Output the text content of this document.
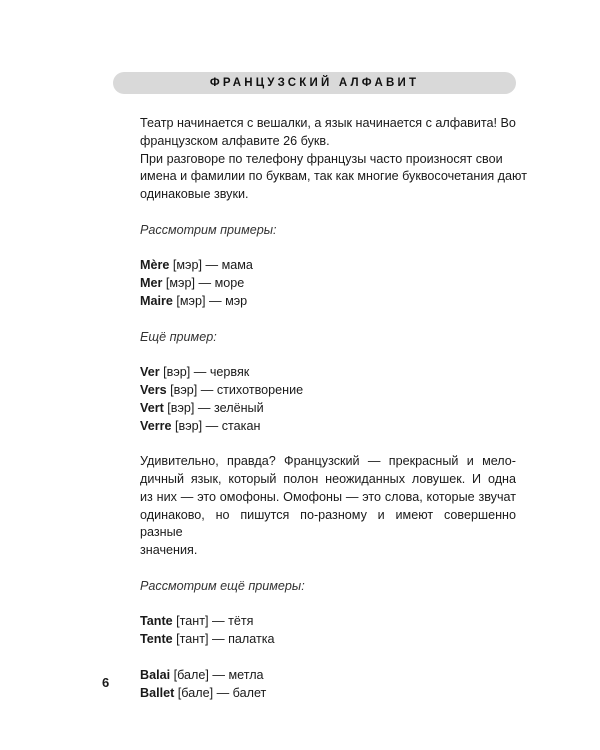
ФРАНЦУЗСКИЙ АЛФАВИТ

Театр начинается с вешалки, а язык начинается с алфавита! Во
французском алфавите 26 букв.

При разговоре по телефону французы часто произносят свои
имена и фамилии по буквам, так как многие буквосочетания дают
одинаковые звуки.

Рассмотрим примеры:

Mère [мэр] — мама

Mer [мэр] — море

Maire [мэр] — мэр

Ещё пример:

Ver [вэр] — червяк

Vers [вэр] — стихотворение

Vert [вэр] — зелёный

Verre [вэр] — стакан

Удивительно, правда? Французский — прекрасный и мело-
дичный язык, который полон неожиданных ловушек. И одна
из них — это омофоны. Омофоны — это слова, которые звучат
одинаково, но пишутся по-разному и имеют совершенно разные
значения.

Рассмотрим ещё примеры:

Tante [тант] — тётя

Tente [тант] — палатка

Balai [бале] — метла

Ballet [бале] — балет

6
